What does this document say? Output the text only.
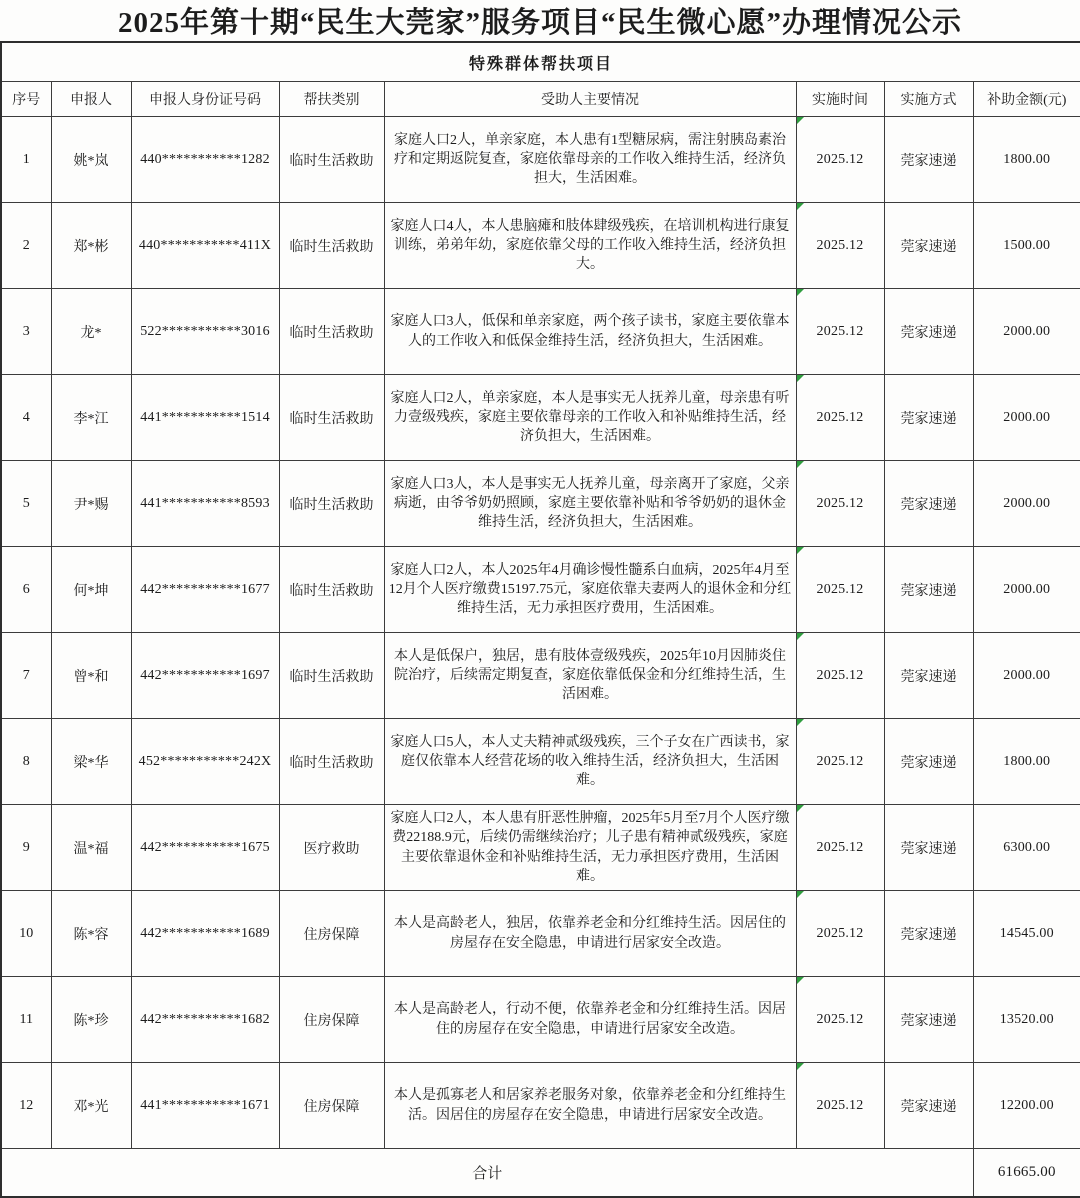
2025年第十期“民生大莞家”服务项目“民生微心愿”办理情况公示
特殊群体帮扶项目							
序号	申报人	申报人身份证号码	帮扶类别	受助人主要情况	实施时间	实施方式	补助金额(元)
1	姚*岚	440***********1282	临时生活救助	家庭人口2人，单亲家庭，本人患有1型糖尿病，需注射胰岛素治疗和定期返院复查，家庭依靠母亲的工作收入维持生活，经济负担大，生活困难。	2025.12	莞家速递	1800.00
2	郑*彬	440***********411X	临时生活救助	家庭人口4人，本人患脑瘫和肢体肆级残疾，在培训机构进行康复训练，弟弟年幼，家庭依靠父母的工作收入维持生活，经济负担大。	2025.12	莞家速递	1500.00
3	龙*	522***********3016	临时生活救助	家庭人口3人，低保和单亲家庭，两个孩子读书，家庭主要依靠本人的工作收入和低保金维持生活，经济负担大，生活困难。	2025.12	莞家速递	2000.00
4	李*江	441***********1514	临时生活救助	家庭人口2人，单亲家庭，本人是事实无人抚养儿童，母亲患有听力壹级残疾，家庭主要依靠母亲的工作收入和补贴维持生活，经济负担大，生活困难。	2025.12	莞家速递	2000.00
5	尹*赐	441***********8593	临时生活救助	家庭人口3人，本人是事实无人抚养儿童，母亲离开了家庭，父亲病逝，由爷爷奶奶照顾，家庭主要依靠补贴和爷爷奶奶的退休金维持生活，经济负担大，生活困难。	2025.12	莞家速递	2000.00
6	何*坤	442***********1677	临时生活救助	家庭人口2人，本人2025年4月确诊慢性髓系白血病，2025年4月至12月个人医疗缴费15197.75元，家庭依靠夫妻两人的退休金和分红维持生活，无力承担医疗费用，生活困难。	2025.12	莞家速递	2000.00
7	曾*和	442***********1697	临时生活救助	本人是低保户，独居，患有肢体壹级残疾，2025年10月因肺炎住院治疗，后续需定期复查，家庭依靠低保金和分红维持生活，生活困难。	2025.12	莞家速递	2000.00
8	梁*华	452***********242X	临时生活救助	家庭人口5人，本人丈夫精神贰级残疾，三个子女在广西读书，家庭仅依靠本人经营花场的收入维持生活，经济负担大，生活困难。	2025.12	莞家速递	1800.00
9	温*福	442***********1675	医疗救助	家庭人口2人，本人患有肝恶性肿瘤，2025年5月至7月个人医疗缴费22188.9元，后续仍需继续治疗；儿子患有精神贰级残疾，家庭主要依靠退休金和补贴维持生活，无力承担医疗费用，生活困难。	2025.12	莞家速递	6300.00
10	陈*容	442***********1689	住房保障	本人是高龄老人，独居，依靠养老金和分红维持生活。因居住的房屋存在安全隐患，申请进行居家安全改造。	2025.12	莞家速递	14545.00
11	陈*珍	442***********1682	住房保障	本人是高龄老人，行动不便，依靠养老金和分红维持生活。因居住的房屋存在安全隐患，申请进行居家安全改造。	2025.12	莞家速递	13520.00
12	邓*光	441***********1671	住房保障	本人是孤寡老人和居家养老服务对象，依靠养老金和分红维持生活。因居住的房屋存在安全隐患，申请进行居家安全改造。	2025.12	莞家速递	12200.00
合计							61665.00
